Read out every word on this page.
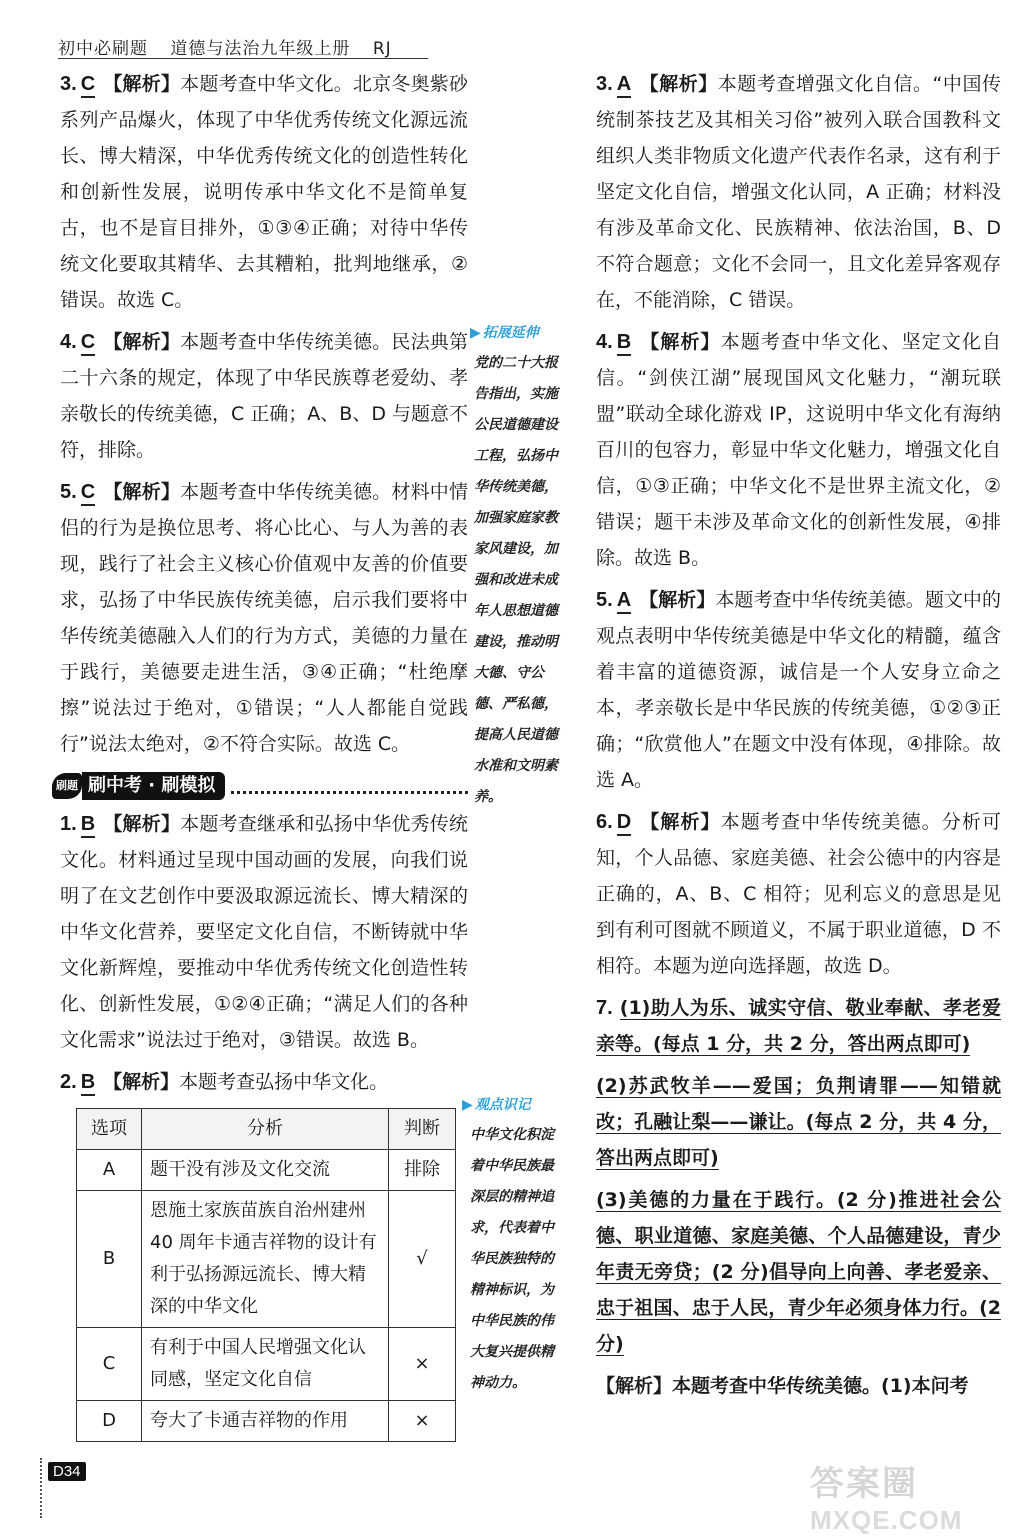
初中必刷题 道德与法治九年级上册 RJ
3. C 【解析】本题考查中华文化。北京冬奥紫砂系列产品爆火，体现了中华优秀传统文化源远流长、博大精深，中华优秀传统文化的创造性转化和创新性发展，说明传承中华文化不是简单复古，也不是盲目排外，①③④正确；对待中华传统文化要取其精华、去其糟粕，批判地继承，②错误。故选 C。
4. C 【解析】本题考查中华传统美德。民法典第二十六条的规定，体现了中华民族尊老爱幼、孝亲敬长的传统美德，C 正确；A、B、D 与题意不符，排除。
5. C 【解析】本题考查中华传统美德。材料中情侣的行为是换位思考、将心比心、与人为善的表现，践行了社会主义核心价值观中友善的价值要求，弘扬了中华民族传统美德，启示我们要将中华传统美德融入人们的行为方式，美德的力量在于践行，美德要走进生活，③④正确；“杜绝摩擦”说法过于绝对，①错误；“人人都能自觉践行”说法太绝对，②不符合实际。故选 C。
刷题 刷中考 · 刷模拟
1. B 【解析】本题考查继承和弘扬中华优秀传统文化。材料通过呈现中国动画的发展，向我们说明了在文艺创作中要汲取源远流长、博大精深的中华文化营养，要坚定文化自信，不断铸就中华文化新辉煌，要推动中华优秀传统文化创造性转化、创新性发展，①②④正确；“满足人们的各种文化需求”说法过于绝对，③错误。故选 B。
2. B 【解析】本题考查弘扬中华文化。
选项	分析	判断
A	题干没有涉及文化交流	排除
B	恩施土家族苗族自治州建州 40 周年卡通吉祥物的设计有利于弘扬源远流长、博大精深的中华文化	√
C	有利于中国人民增强文化认同感，坚定文化自信	×
D	夸大了卡通吉祥物的作用	×
▶ 拓展延伸
党的二十大报告指出，实施公民道德建设工程，弘扬中华传统美德，加强家庭家教家风建设，加强和改进未成年人思想道德建设，推动明大德、守公德、严私德，提高人民道德水准和文明素养。
▶ 观点识记
中华文化积淀着中华民族最深层的精神追求，代表着中华民族独特的精神标识，为中华民族的伟大复兴提供精神动力。
3. A 【解析】本题考查增强文化自信。“中国传统制茶技艺及其相关习俗”被列入联合国教科文组织人类非物质文化遗产代表作名录，这有利于坚定文化自信，增强文化认同，A 正确；材料没有涉及革命文化、民族精神、依法治国，B、D 不符合题意；文化不会同一，且文化差异客观存在，不能消除，C 错误。
4. B 【解析】本题考查中华文化、坚定文化自信。“剑侠江湖”展现国风文化魅力，“潮玩联盟”联动全球化游戏 IP，这说明中华文化有海纳百川的包容力，彰显中华文化魅力，增强文化自信，①③正确；中华文化不是世界主流文化，②错误；题干未涉及革命文化的创新性发展，④排除。故选 B。
5. A 【解析】本题考查中华传统美德。题文中的观点表明中华传统美德是中华文化的精髓，蕴含着丰富的道德资源，诚信是一个人安身立命之本，孝亲敬长是中华民族的传统美德，①②③正确；“欣赏他人”在题文中没有体现，④排除。故选 A。
6. D 【解析】本题考查中华传统美德。分析可知，个人品德、家庭美德、社会公德中的内容是正确的，A、B、C 相符；见利忘义的意思是见到有利可图就不顾道义，不属于职业道德，D 不相符。本题为逆向选择题，故选 D。
7. (1)助人为乐、诚实守信、敬业奉献、孝老爱亲等。(每点 1 分，共 2 分，答出两点即可)
(2)苏武牧羊——爱国；负荆请罪——知错就改；孔融让梨——谦让。(每点 2 分，共 4 分，答出两点即可)
(3)美德的力量在于践行。(2 分)推进社会公德、职业道德、家庭美德、个人品德建设，青少年责无旁贷；(2 分)倡导向上向善、孝老爱亲、忠于祖国、忠于人民，青少年必须身体力行。(2 分)
【解析】本题考查中华传统美德。(1)本问考
D34	答案圈
MXQE.COM
